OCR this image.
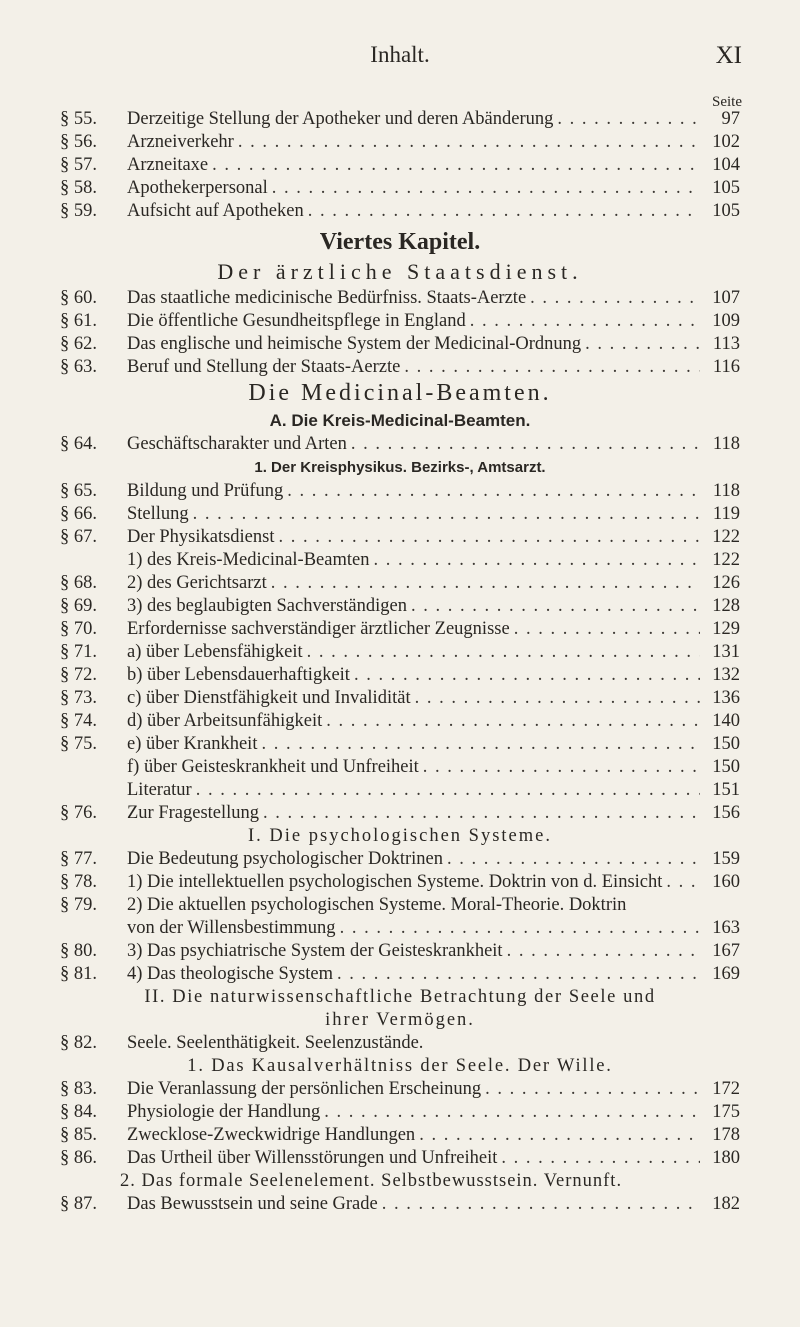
Inhalt.	XI
Seite
§ 55.	Derzeitige Stellung der Apotheker und deren Abänderung . . .	97
§ 56.	Arzneiverkehr . . .	102
§ 57.	Arzneitaxe . . .	104
§ 58.	Apothekerpersonal . . .	105
§ 59.	Aufsicht auf Apotheken . . .	105
Viertes Kapitel.
Der ärztliche Staatsdienst.
§ 60.	Das staatliche medicinische Bedürfniss. Staats-Aerzte . . .	107
§ 61.	Die öffentliche Gesundheitspflege in England . . .	109
§ 62.	Das englische und heimische System der Medicinal-Ordnung . . .	113
§ 63.	Beruf und Stellung der Staats-Aerzte . . .	116
Die Medicinal-Beamten.
A. Die Kreis-Medicinal-Beamten.
§ 64.	Geschäftscharakter und Arten . . .	118
1. Der Kreisphysikus. Bezirks-, Amtsarzt.
§ 65.	Bildung und Prüfung . . .	118
§ 66.	Stellung . . .	119
§ 67.	Der Physikatsdienst . . .	122
1) des Kreis-Medicinal-Beamten . . .	122
§ 68.	2) des Gerichtsarzt . . .	126
§ 69.	3) des beglaubigten Sachverständigen . . .	128
§ 70.	Erfordernisse sachverständiger ärztlicher Zeugnisse . . .	129
§ 71.	a) über Lebensfähigkeit . . .	131
§ 72.	b) über Lebensdauerhaftigkeit . . .	132
§ 73.	c) über Dienstfähigkeit und Invalidität . . .	136
§ 74.	d) über Arbeitsunfähigkeit . . .	140
§ 75.	e) über Krankheit . . .	150
f) über Geisteskrankheit und Unfreiheit . . .	150
Literatur . . .	151
§ 76.	Zur Fragestellung . . .	156
I. Die psychologischen Systeme.
§ 77.	Die Bedeutung psychologischer Doktrinen . . .	159
§ 78.	1) Die intellektuellen psychologischen Systeme. Doktrin von d. Einsicht . . .	160
§ 79.	2) Die aktuellen psychologischen Systeme. Moral-Theorie. Doktrin
von der Willensbestimmung . . .	163
§ 80.	3) Das psychiatrische System der Geisteskrankheit . . .	167
§ 81.	4) Das theologische System . . .	169
II. Die naturwissenschaftliche Betrachtung der Seele und
ihrer Vermögen.
§ 82.	Seele. Seelenthätigkeit. Seelenzustände.
1. Das Kausalverhältniss der Seele. Der Wille.
§ 83.	Die Veranlassung der persönlichen Erscheinung . . .	172
§ 84.	Physiologie der Handlung . . .	175
§ 85.	Zwecklose-Zweckwidrige Handlungen . . .	178
§ 86.	Das Urtheil über Willensstörungen und Unfreiheit . . .	180
2. Das formale Seelenelement. Selbstbewusstsein. Vernunft.
§ 87.	Das Bewusstsein und seine Grade . . .	182
